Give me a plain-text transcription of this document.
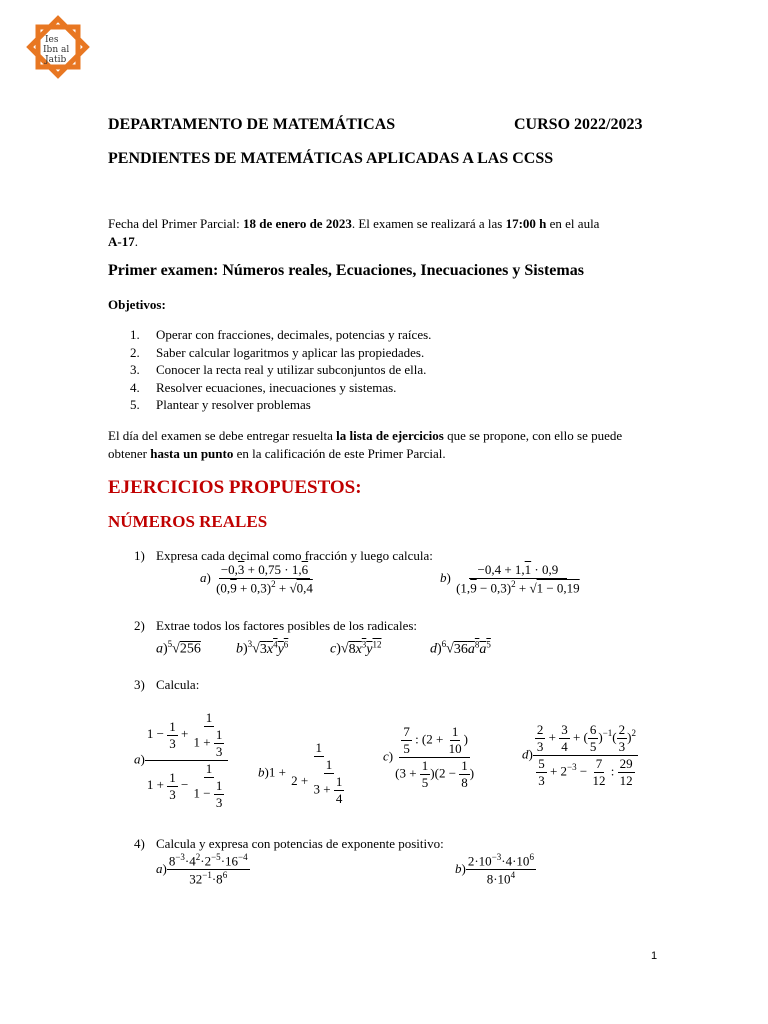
Ies
Ibn al
Jatib
DEPARTAMENTO DE MATEMÁTICAS	CURSO 2022/2023
PENDIENTES DE MATEMÁTICAS APLICADAS A LAS CCSS
Fecha del Primer Parcial: 18 de enero de 2023. El examen se realizará a las 17:00 h en el aula
A-17.
Primer examen: Números reales, Ecuaciones, Inecuaciones y Sistemas
Objetivos:
1. Operar con fracciones, decimales, potencias y raíces.
2. Saber calcular logaritmos y aplicar las propiedades.
3. Conocer la recta real y utilizar subconjuntos de ella.
4. Resolver ecuaciones, inecuaciones y sistemas.
5. Plantear y resolver problemas
El día del examen se debe entregar resuelta la lista de ejercicios que se propone, con ello se puede
obtener hasta un punto en la calificación de este Primer Parcial.
EJERCICIOS PROPUESTOS:
NÚMEROS REALES
1) Expresa cada decimal como fracción y luego calcula:
$a) \frac{-0,3 + 0,75 \cdot 1,6}{(0,9 + 0,3)^2 + √0,4}$	$b) \frac{-0,4 + 1,1 \cdot 0,9}{(1,9 - 0,3)^2 + √1 - 0,19}$
2) Extrae todos los factores posibles de los radicales:
a)$^5$√256	$b)^3√3x^4y^6$	$c)√8x^3y^{12}$	$d)^6√36a^8a^5$
3) Calcula:
$a) \frac{1 - \frac{1}{3} + \frac{1}{1 + \frac{1}{3}}}{1 + \frac{1}{3} - \frac{1}{1 - \frac{1}{3}}} b)1 + \frac{1}{2 + \frac{1}{3 + \frac{1}{4}}}$	$c) \frac{\frac{7}{5} : (2 + \frac{1}{10} )}{(3 + \frac{1}{5} )(2 - \frac{1}{8} )}$	$d) \frac{\frac{2}{3} + \frac{3}{4} + ( \frac{6}{5} )^{-1}( \frac{2}{3} )^2}{\frac{5}{3} + 2^{-3} - \frac{7}{12} : \frac{29}{12}}$
4) Calcula y expresa con potencias de exponente positivo:
$a) \frac{8^{-3}\cdot 4^2\cdot 2^{-5}\cdot 16^{-4}}{32^{-1}\cdot 8^6}$	$b) \frac{2\cdot 10^{-3}\cdot 4\cdot 10^6}{8\cdot 10^4}$
1
